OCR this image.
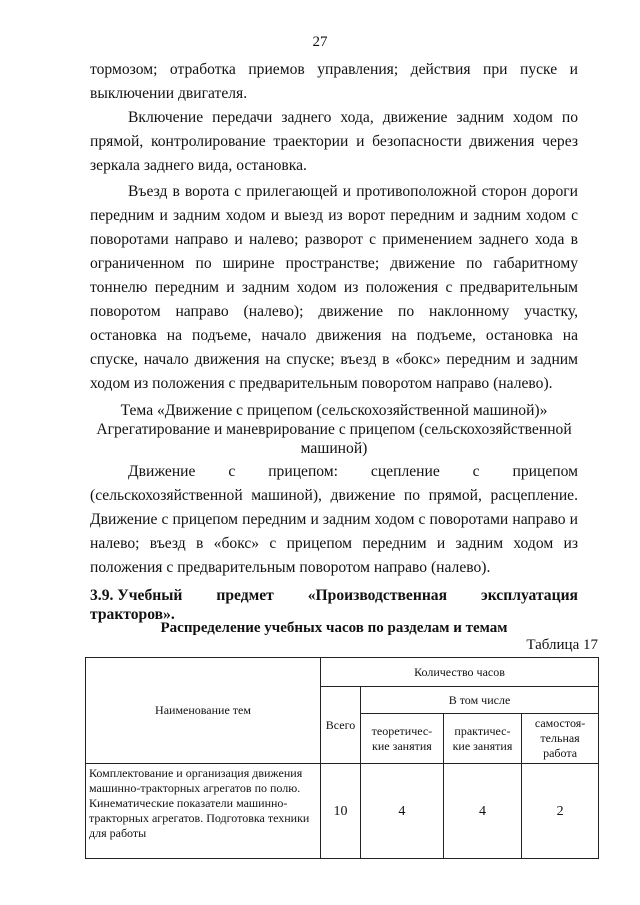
27

тормозом; отработка приемов управления; действия при пуске и выключении двигателя.

Включение передачи заднего хода, движение задним ходом по прямой, контролирование траектории и безопасности движения через зеркала заднего вида, остановка.

Въезд в ворота с прилегающей и противоположной сторон дороги передним и задним ходом и выезд из ворот передним и задним ходом с поворотами направо и налево; разворот с применением заднего хода в ограниченном по ширине пространстве; движение по габаритному тоннелю передним и задним ходом из положения с предварительным поворотом направо (налево); движение по наклонному участку, остановка на подъеме, начало движения на подъеме, остановка на спуске, начало движения на спуске; въезд в «бокс» передним и задним ходом из положения с предварительным поворотом направо (налево).

Тема «Движение с прицепом (сельскохозяйственной машиной)»
Агрегатирование и маневрирование с прицепом (сельскохозяйственной машиной)

Движение с прицепом: сцепление с прицепом (сельскохозяйственной машиной), движение по прямой, расцепление. Движение с прицепом передним и задним ходом с поворотами направо и налево; въезд в «бокс» с прицепом передним и задним ходом из положения с предварительным поворотом направо (налево).

3.9. Учебный предмет «Производственная эксплуатация
тракторов».
Распределение учебных часов по разделам и темам
Таблица 17
Наименование тем	Количество часов			
	Всего	В том числе		
		теоретичес-кие занятия	практичес-кие занятия	самостоя-тельная работа
Комплектование и организация движения машинно-тракторных агрегатов по полю. Кинематические показатели машинно-тракторных агрегатов. Подготовка техники для работы	10	4	4	2
